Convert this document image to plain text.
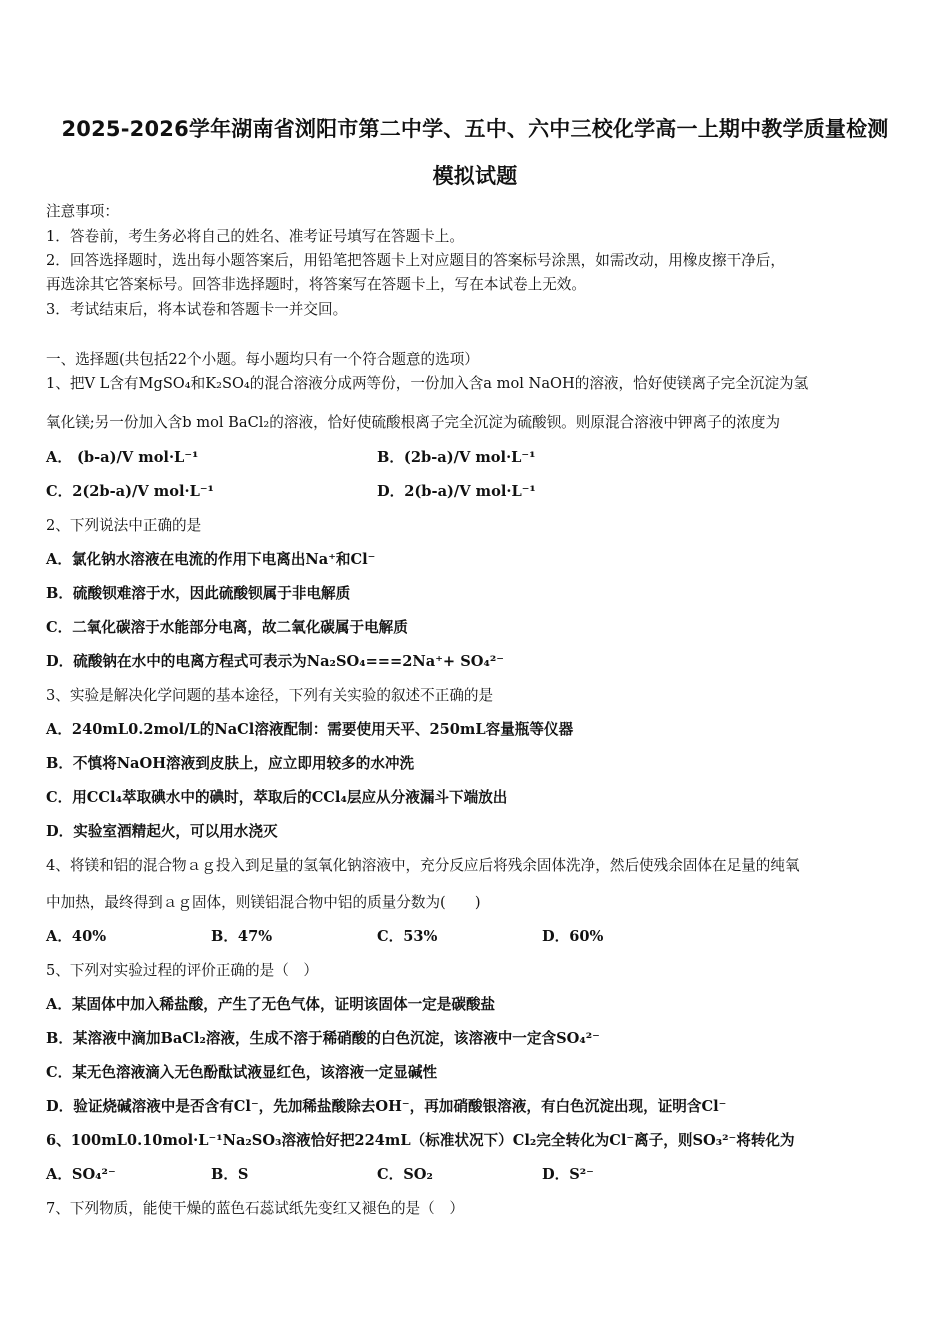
2025-2026学年湖南省浏阳市第二中学、五中、六中三校化学高一上期中教学质量检测
模拟试题
注意事项：
1．答卷前，考生务必将自己的姓名、准考证号填写在答题卡上。
2．回答选择题时，选出每小题答案后，用铅笔把答题卡上对应题目的答案标号涂黑，如需改动，用橡皮擦干净后，
再选涂其它答案标号。回答非选择题时，将答案写在答题卡上，写在本试卷上无效。
3．考试结束后，将本试卷和答题卡一并交回。
一、选择题(共包括22个小题。每小题均只有一个符合题意的选项）
1、把V L含有MgSO₄和K₂SO₄的混合溶液分成两等份，一份加入含a mol NaOH的溶液，恰好使镁离子完全沉淀为氢
氧化镁;另一份加入含b mol BaCl₂的溶液，恰好使硫酸根离子完全沉淀为硫酸钡。则原混合溶液中钾离子的浓度为
A． (b-a)/V mol·L⁻¹	B．(2b-a)/V mol·L⁻¹
C．2(2b-a)/V mol·L⁻¹	D．2(b-a)/V mol·L⁻¹
2、下列说法中正确的是
A．氯化钠水溶液在电流的作用下电离出Na⁺和Cl⁻
B．硫酸钡难溶于水，因此硫酸钡属于非电解质
C．二氧化碳溶于水能部分电离，故二氧化碳属于电解质
D．硫酸钠在水中的电离方程式可表示为Na₂SO₄===2Na⁺+ SO₄²⁻
3、实验是解决化学问题的基本途径，下列有关实验的叙述不正确的是
A．240mL0.2mol/L的NaCl溶液配制：需要使用天平、250mL容量瓶等仪器
B．不慎将NaOH溶液到皮肤上，应立即用较多的水冲洗
C．用CCl₄萃取碘水中的碘时，萃取后的CCl₄层应从分液漏斗下端放出
D．实验室酒精起火，可以用水浇灭
4、将镁和铝的混合物ａｇ投入到足量的氢氧化钠溶液中，充分反应后将残余固体洗净，然后使残余固体在足量的纯氧
中加热，最终得到ａｇ固体，则镁铝混合物中铝的质量分数为(　　)
A．40%	B．47%	C．53%	D．60%
5、下列对实验过程的评价正确的是（　）
A．某固体中加入稀盐酸，产生了无色气体，证明该固体一定是碳酸盐
B．某溶液中滴加BaCl₂溶液，生成不溶于稀硝酸的白色沉淀，该溶液中一定含SO₄²⁻
C．某无色溶液滴入无色酚酞试液显红色，该溶液一定显碱性
D．验证烧碱溶液中是否含有Cl⁻，先加稀盐酸除去OH⁻，再加硝酸银溶液，有白色沉淀出现，证明含Cl⁻
6、100mL0.10mol·L⁻¹Na₂SO₃溶液恰好把224mL（标准状况下）Cl₂完全转化为Cl⁻离子，则SO₃²⁻将转化为
A．SO₄²⁻	B．S	C．SO₂	D．S²⁻
7、下列物质，能使干燥的蓝色石蕊试纸先变红又褪色的是（　）
